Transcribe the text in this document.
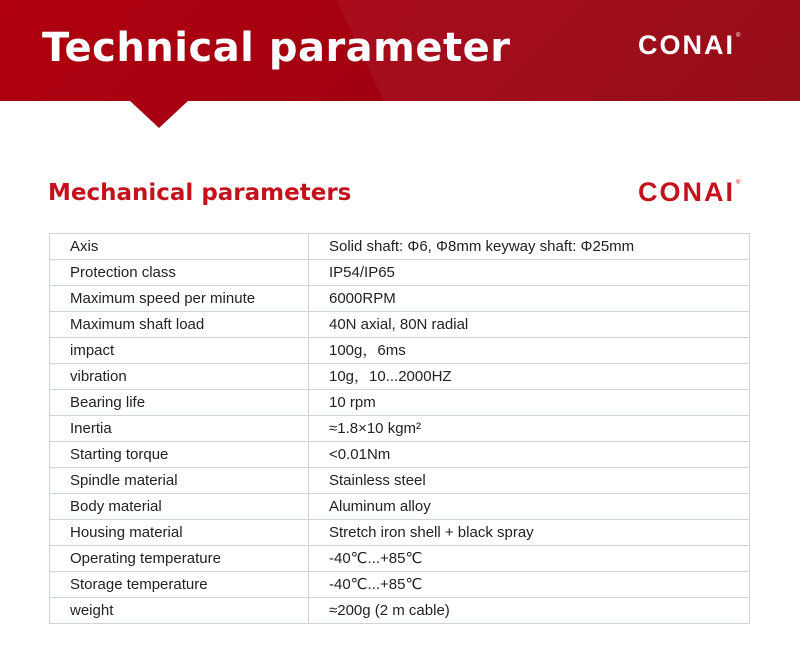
Technical parameter	CONAI®
Mechanical parameters	CONAI®
Axis	Solid shaft: Φ6, Φ8mm keyway shaft: Φ25mm
Protection class	IP54/IP65
Maximum speed per minute	6000RPM
Maximum shaft load	40N axial, 80N radial
impact	100g，6ms
vibration	10g，10...2000HZ
Bearing life	10 rpm
Inertia	≈1.8×10 kgm²
Starting torque	<0.01Nm
Spindle material	Stainless steel
Body material	Aluminum alloy
Housing material	Stretch iron shell + black spray
Operating temperature	-40℃...+85℃
Storage temperature	-40℃...+85℃
weight	≈200g (2 m cable)
